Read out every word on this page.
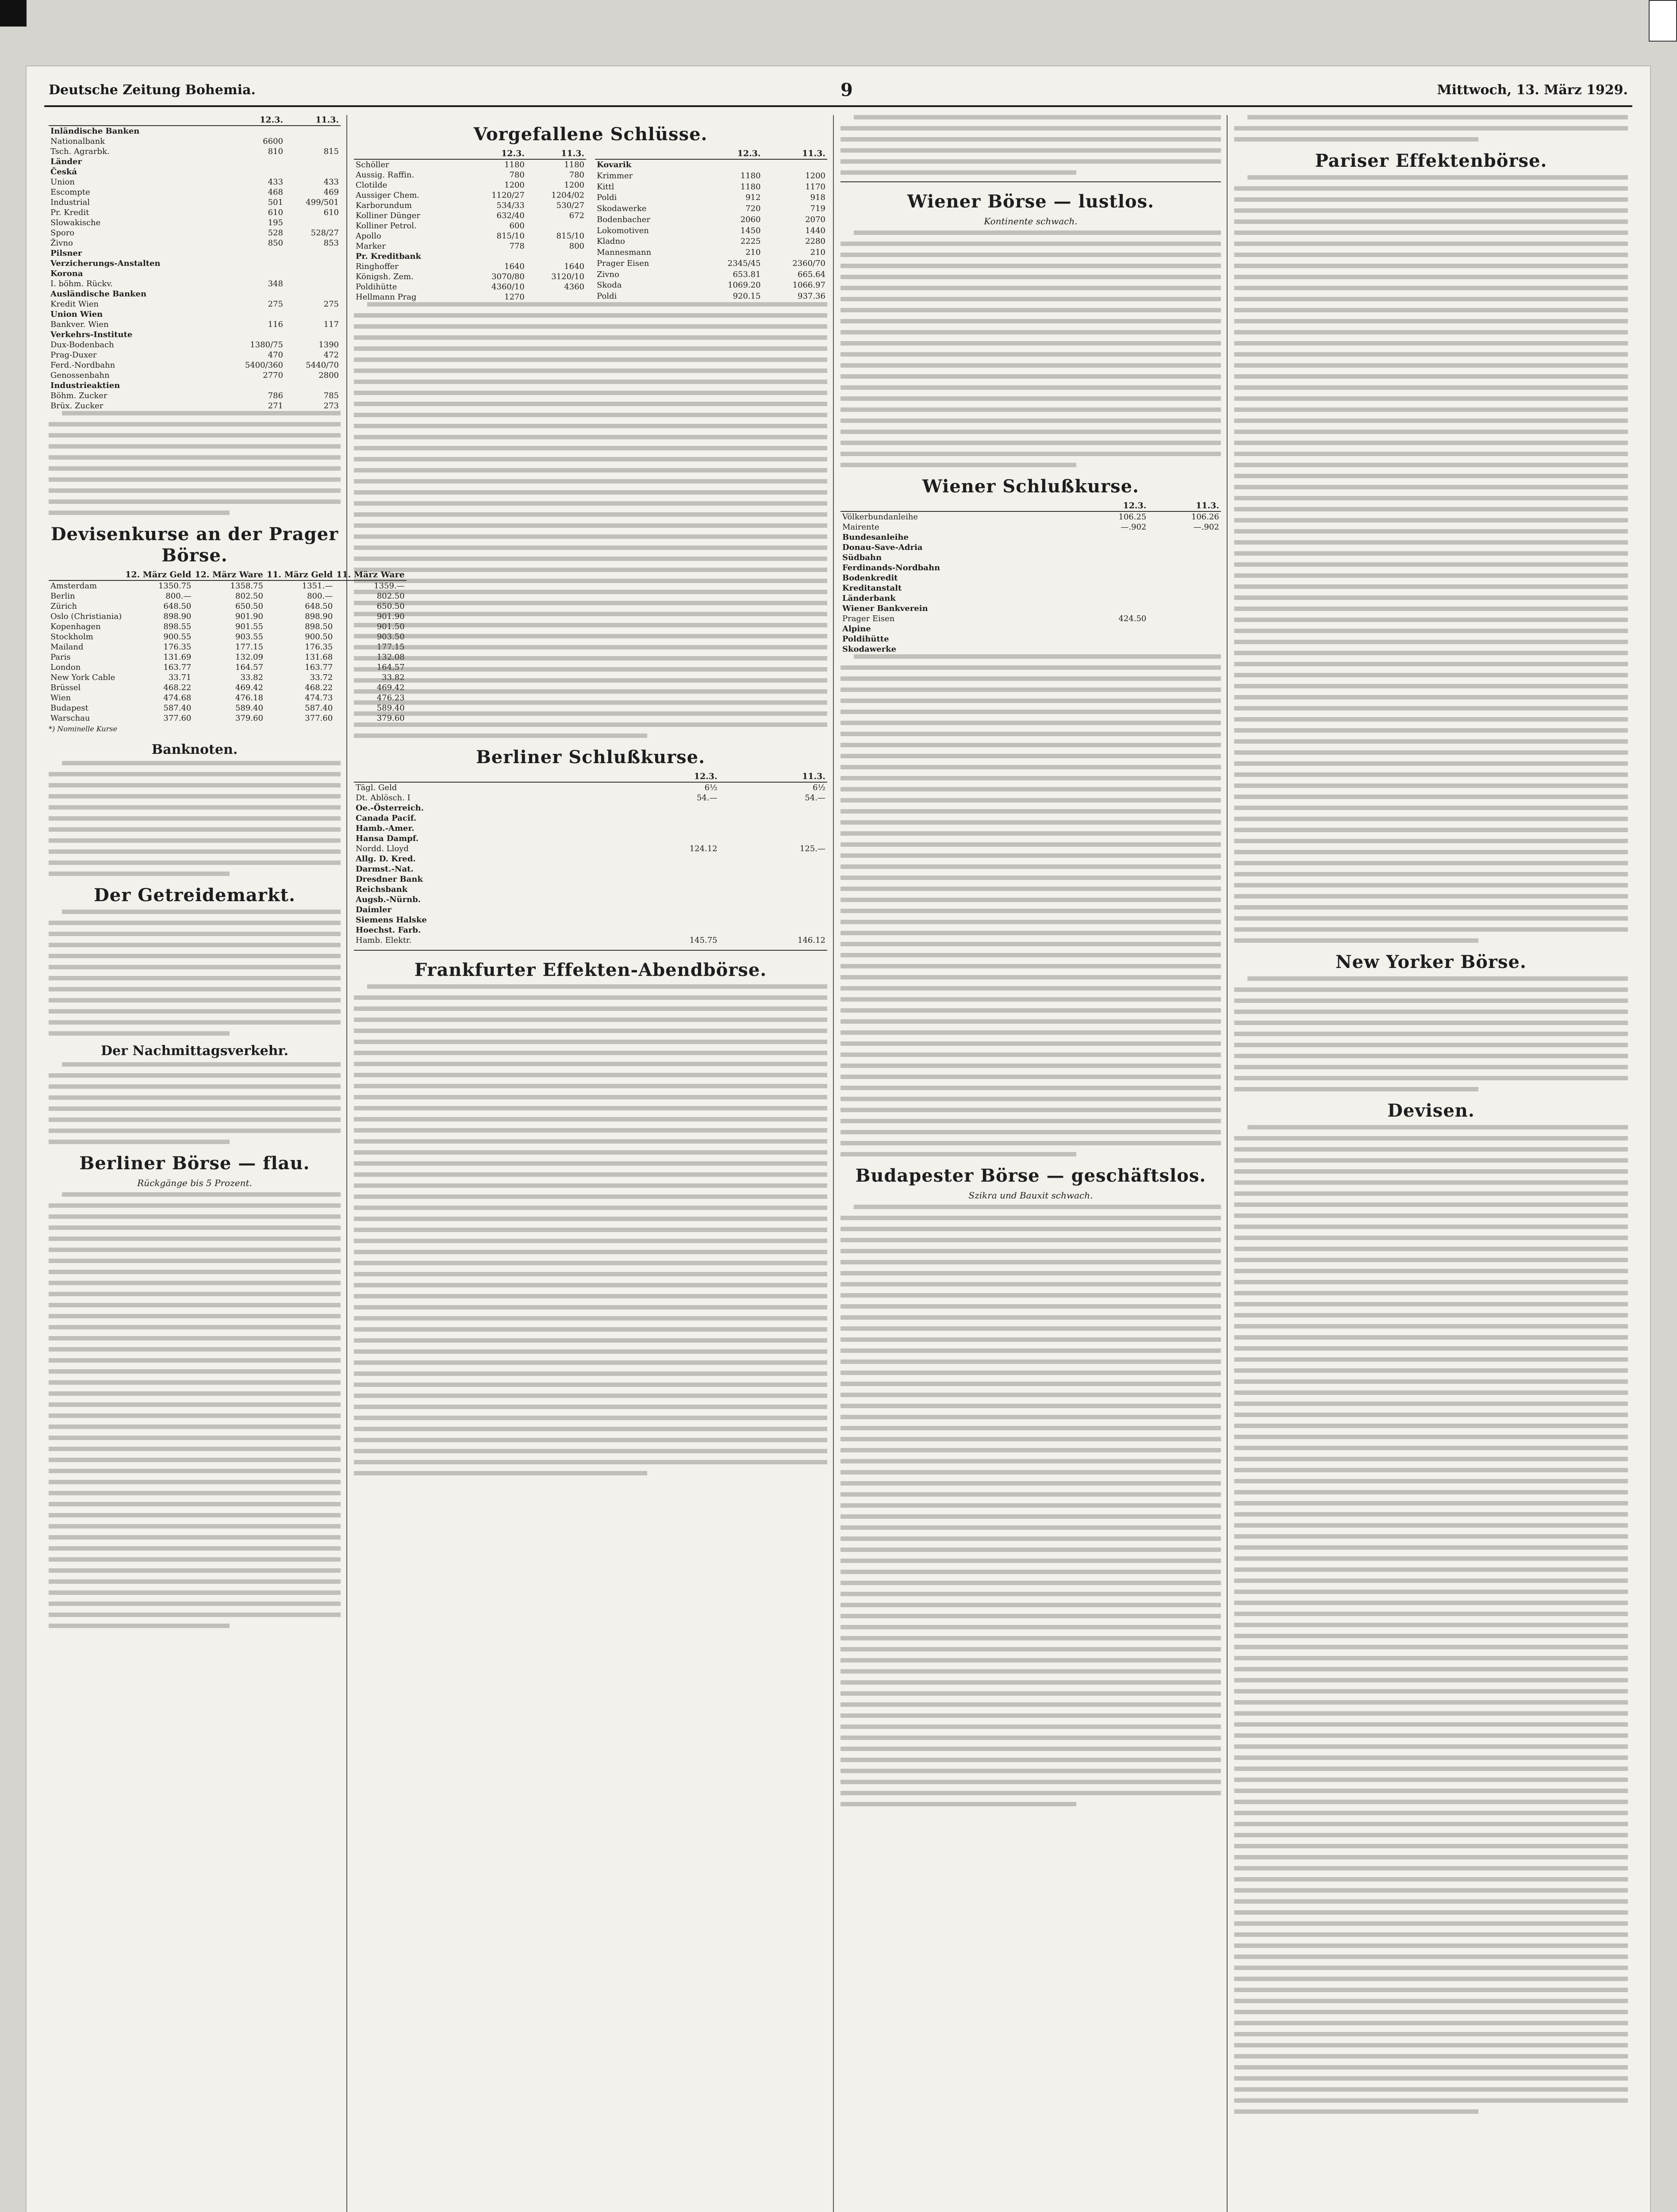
Deutsche Zeitung Bohemia.	9	Mittwoch, 13. März 1929.
	12.3.	11.3.
Inländische Banken		
Nationalbank	6600	
Tsch. Agrarbk.	810	815
Länder		
Česká		
Union	433	433
Escompte	468	469
Industrial	501	499/501
Pr. Kredit	610	610
Slowakische	195	
Sporo	528	528/27
Živno	850	853
Pilsner		
Verzicherungs-Anstalten		
Korona		
I. böhm. Rückv.	348	
Ausländische Banken		
Kredit Wien	275	275
Union Wien		
Bankver. Wien	116	117
Verkehrs-Institute		
Dux-Bodenbach	1380/75	1390
Prag-Duxer	470	472
Ferd.-Nordbahn	5400/360	5440/70
Genossenbahn	2770	2800
Industrieaktien		
Böhm. Zucker	786	785
Brüx. Zucker	271	273
Devisenkurse an der Prager Börse.
	12. März Geld	12. März Ware	11. März Geld	11. März Ware
Amsterdam	1350.75	1358.75	1351.—	1359.—
Berlin	800.—	802.50	800.—	802.50
Zürich	648.50	650.50	648.50	650.50
Oslo (Christiania)	898.90	901.90	898.90	901.90
Kopenhagen	898.55	901.55	898.50	901.50
Stockholm	900.55	903.55	900.50	903.50
Mailand	176.35	177.15	176.35	177.15
Paris	131.69	132.09	131.68	132.08
London	163.77	164.57	163.77	164.57
New York Cable	33.71	33.82	33.72	33.82
Brüssel	468.22	469.42	468.22	469.42
Wien	474.68	476.18	474.73	476.23
Budapest	587.40	589.40	587.40	589.40
Warschau	377.60	379.60	377.60	379.60
*) Nominelle Kurse
Banknoten.
Der Getreidemarkt.
Der Nachmittagsverkehr.
Berliner Börse — flau.
Rückgänge bis 5 Prozent.
Vorgefallene Schlüsse.
	12.3.	11.3.
Schöller	1180	1180
Aussig. Raffin.	780	780
Clotilde	1200	1200
Aussiger Chem.	1120/27	1204/02
Karborundum	534/33	530/27
Kolliner Dünger	632/40	672
Kolliner Petrol.	600	
Apollo	815/10	815/10
Marker	778	800
Pr. Kreditbank		
Ringhoffer	1640	1640
Königsh. Zem.	3070/80	3120/10
Poldihütte	4360/10	4360
Hellmann Prag	1270	
	12.3.	11.3.
Kovarik		
Krimmer	1180	1200
Kittl	1180	1170
Poldi	912	918
Skodawerke	720	719
Bodenbacher	2060	2070
Lokomotiven	1450	1440
Kladno	2225	2280
Mannesmann	210	210
Prager Eisen	2345/45	2360/70
Zivno	653.81	665.64
Skoda	1069.20	1066.97
Poldi	920.15	937.36
Berliner Schlußkurse.
	12.3.	11.3.
Tägl. Geld	6½	6½
Dt. Ablösch. I	54.—	54.—
Oe.-Österreich.		
Canada Pacif.		
Hamb.-Amer.		
Hansa Dampf.		
Nordd. Lloyd	124.12	125.—
Allg. D. Kred.		
Darmst.-Nat.		
Dresdner Bank		
Reichsbank		
Augsb.-Nürnb.		
Daimler		
Siemens Halske		
Hoechst. Farb.		
Hamb. Elektr.	145.75	146.12
Frankfurter Effekten-Abendbörse.
Wiener Börse — lustlos.
Kontinente schwach.
Wiener Schlußkurse.
	12.3.	11.3.
Völkerbundanleihe	106.25	106.26
Mairente	—.902	—.902
Bundesanleihe		
Donau-Save-Adria		
Südbahn		
Ferdinands-Nordbahn		
Bodenkredit		
Kreditanstalt		
Länderbank		
Wiener Bankverein		
Prager Eisen	424.50	
Alpine		
Poldihütte		
Skodawerke		
Budapester Börse — geschäftslos.
Szikra und Bauxit schwach.
Pariser Effektenbörse.
New Yorker Börse.
Devisen.
